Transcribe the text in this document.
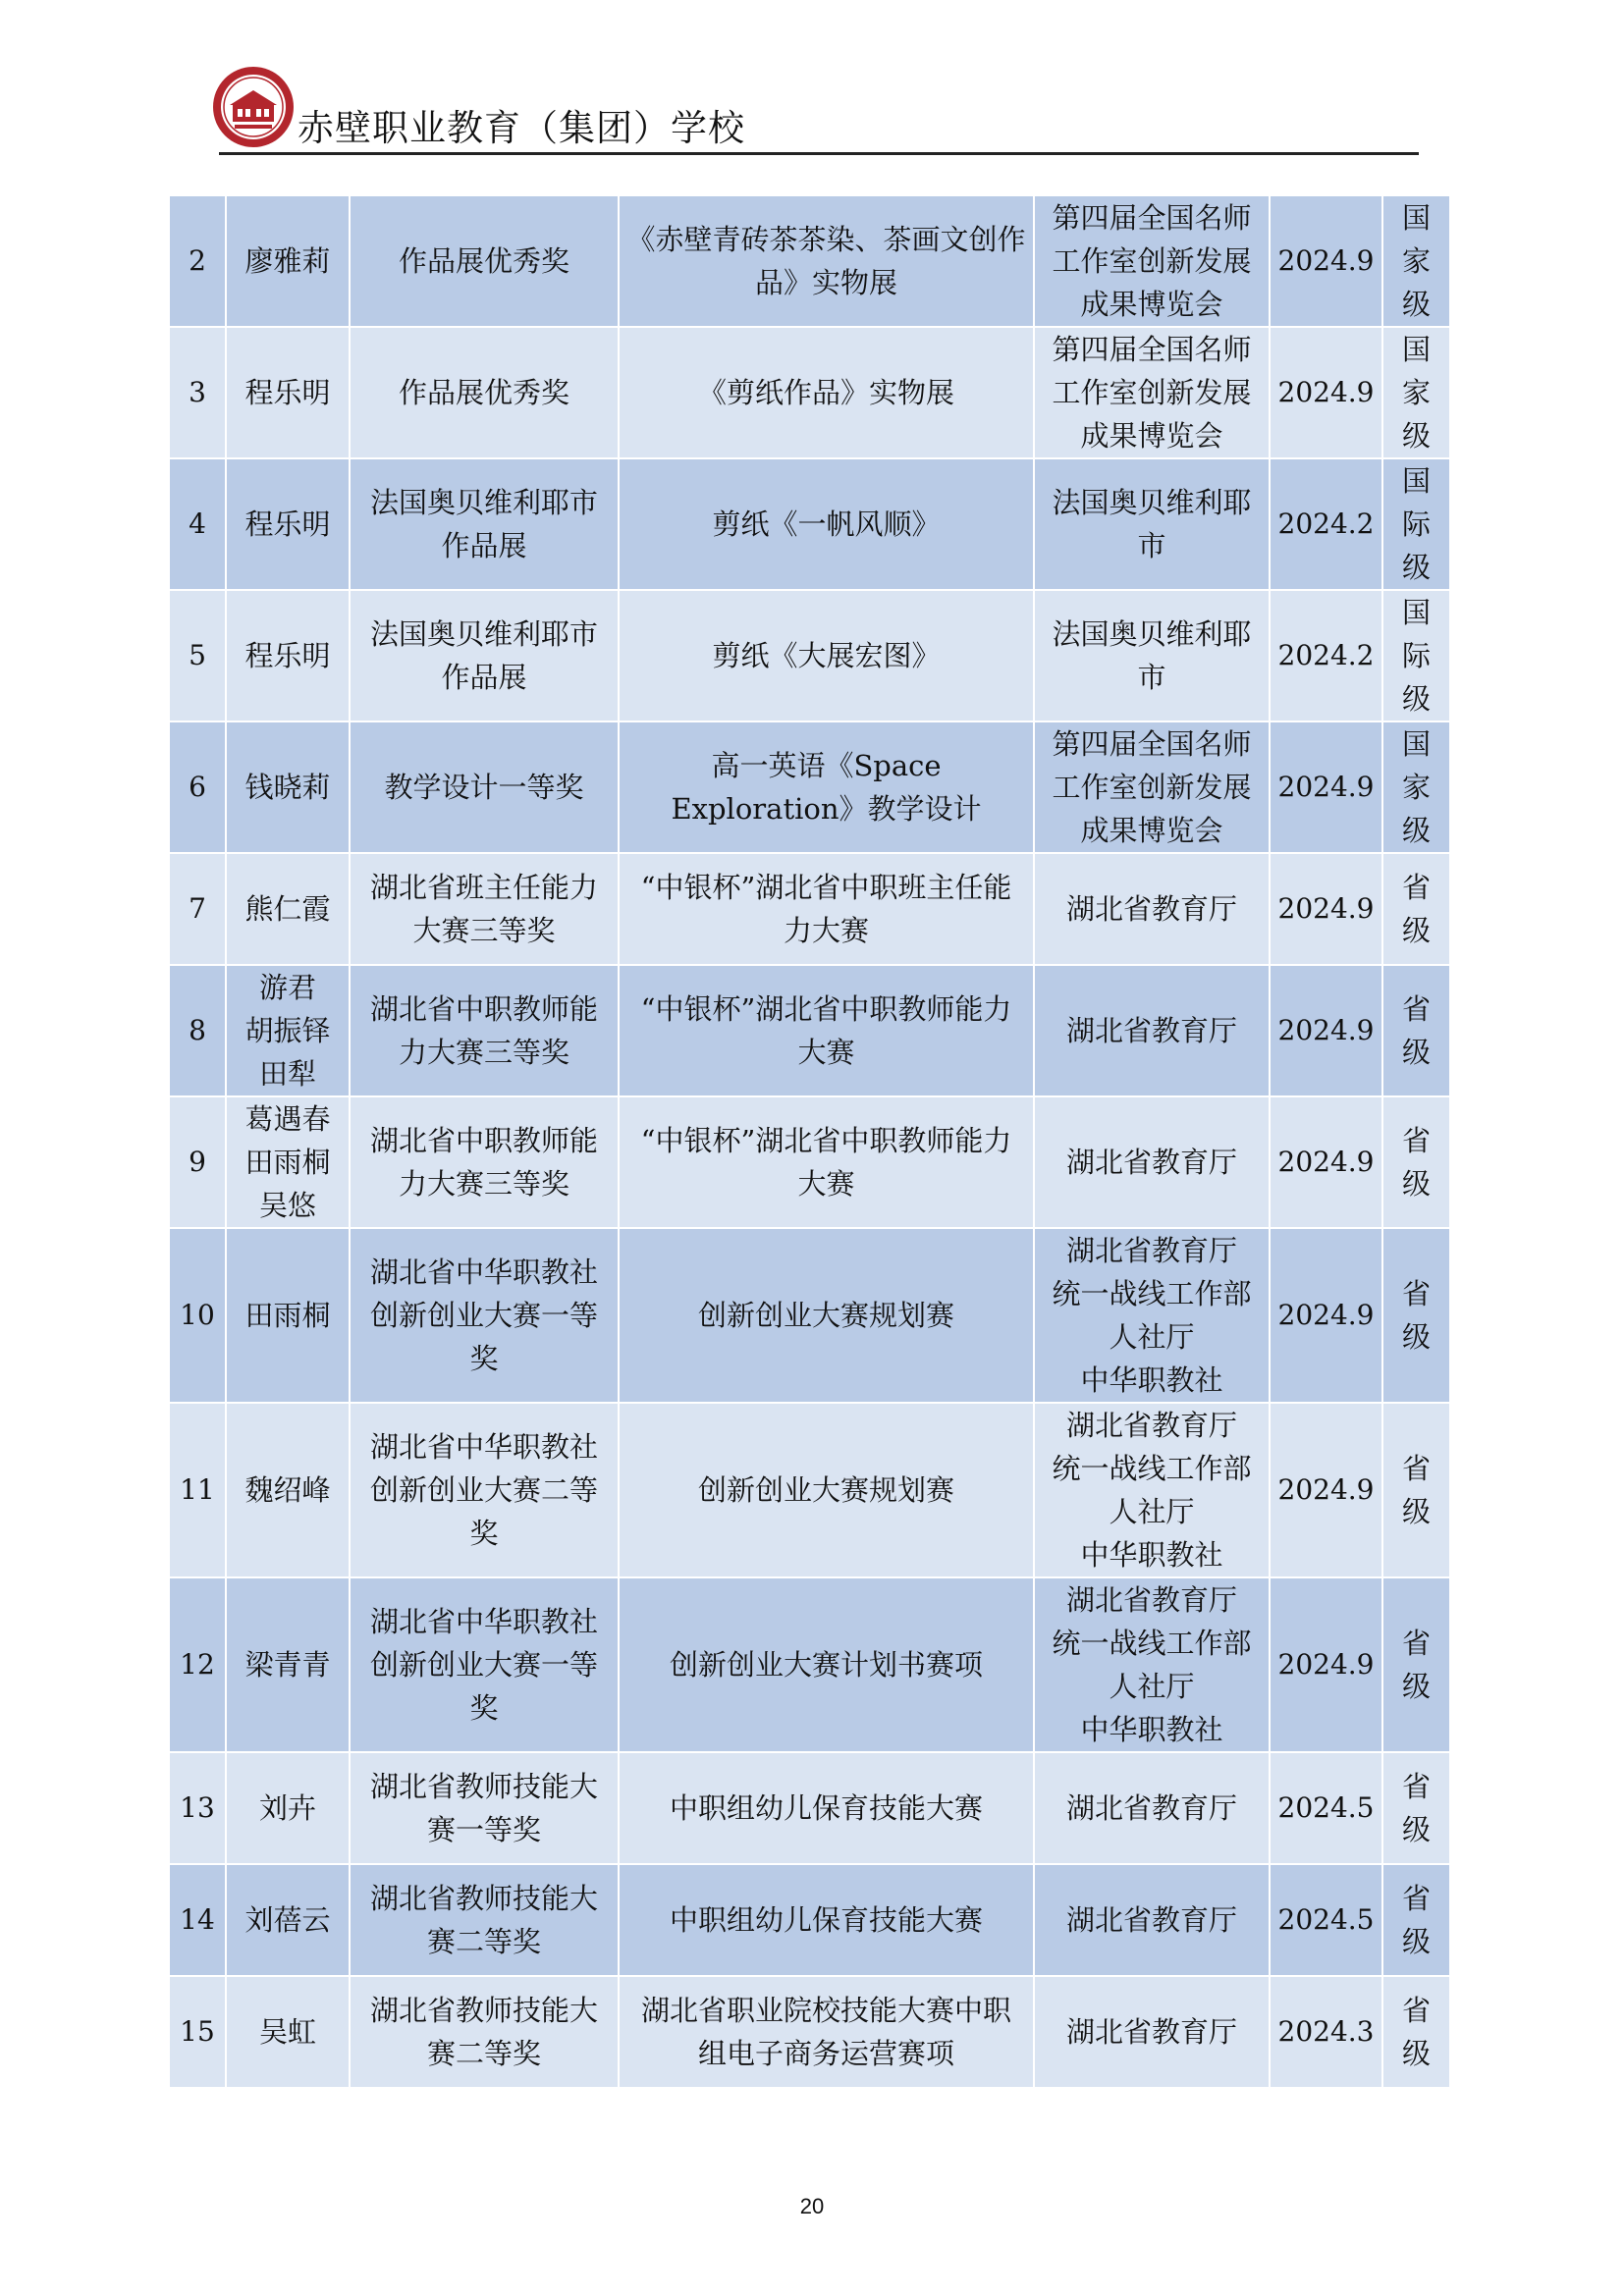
赤壁职业教育（集团）学校
2	廖雅莉	作品展优秀奖	《赤壁青砖茶茶染、茶画文创作品》实物展	第四届全国名师
工作室创新发展
成果博览会	2024.9	国家
级
3	程乐明	作品展优秀奖	《剪纸作品》实物展	第四届全国名师
工作室创新发展
成果博览会	2024.9	国家
级
4	程乐明	法国奥贝维利耶市
作品展	剪纸《一帆风顺》	法国奥贝维利耶
市	2024.2	国际
级
5	程乐明	法国奥贝维利耶市
作品展	剪纸《大展宏图》	法国奥贝维利耶
市	2024.2	国际
级
6	钱晓莉	教学设计一等奖	高一英语《Space
Exploration》教学设计	第四届全国名师
工作室创新发展
成果博览会	2024.9	国家
级
7	熊仁霞	湖北省班主任能力
大赛三等奖	“中银杯”湖北省中职班主任能
力大赛	湖北省教育厅	2024.9	省级
8	游君
胡振铎
田犁	湖北省中职教师能
力大赛三等奖	“中银杯”湖北省中职教师能力
大赛	湖北省教育厅	2024.9	省级
9	葛遇春
田雨桐
吴悠	湖北省中职教师能
力大赛三等奖	“中银杯”湖北省中职教师能力
大赛	湖北省教育厅	2024.9	省级
10	田雨桐	湖北省中华职教社
创新创业大赛一等
奖	创新创业大赛规划赛	湖北省教育厅
统一战线工作部
人社厅
中华职教社	2024.9	省级
11	魏绍峰	湖北省中华职教社
创新创业大赛二等
奖	创新创业大赛规划赛	湖北省教育厅
统一战线工作部
人社厅
中华职教社	2024.9	省级
12	梁青青	湖北省中华职教社
创新创业大赛一等
奖	创新创业大赛计划书赛项	湖北省教育厅
统一战线工作部
人社厅
中华职教社	2024.9	省级
13	刘卉	湖北省教师技能大
赛一等奖	中职组幼儿保育技能大赛	湖北省教育厅	2024.5	省级
14	刘蓓云	湖北省教师技能大
赛二等奖	中职组幼儿保育技能大赛	湖北省教育厅	2024.5	省级
15	吴虹	湖北省教师技能大
赛二等奖	湖北省职业院校技能大赛中职
组电子商务运营赛项	湖北省教育厅	2024.3	省级
20
